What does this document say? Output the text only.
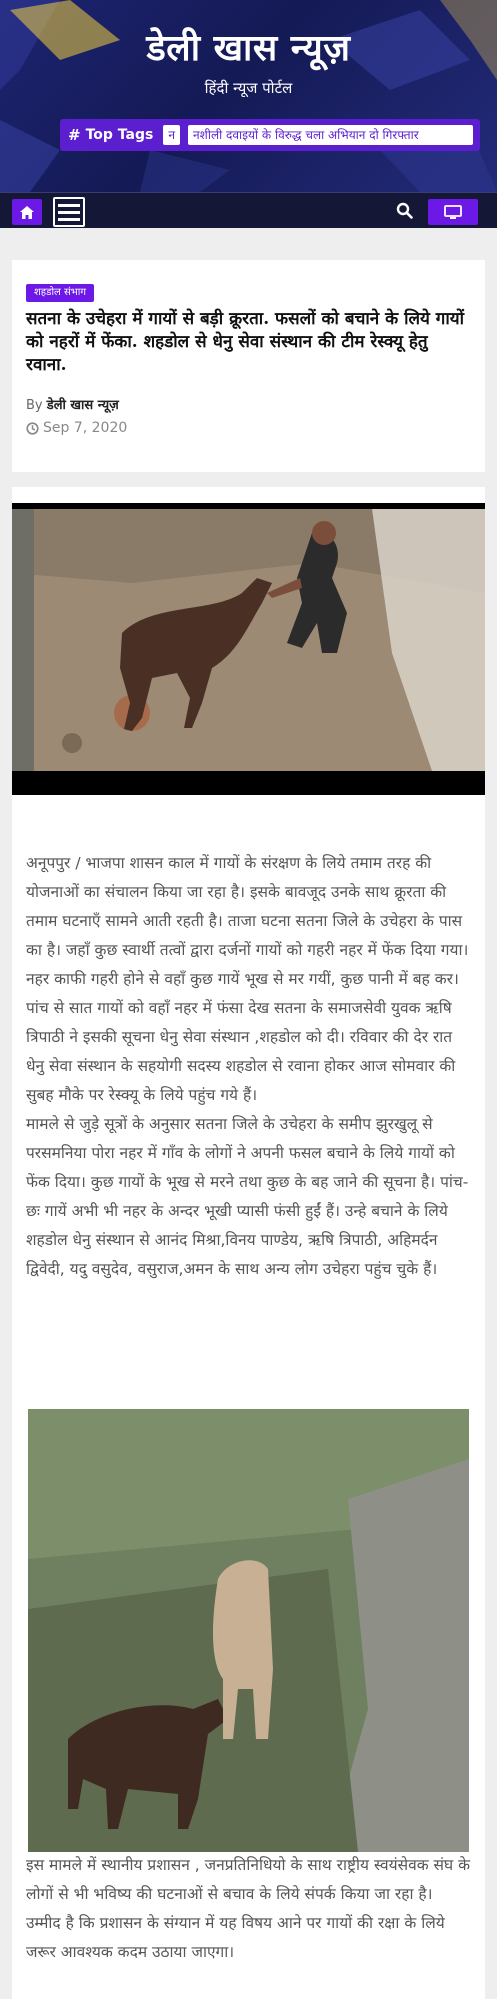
डेली खास न्यूज़
हिंदी न्यूज पोर्टल
# Top Tags	न	नशीली दवाइयों के विरुद्ध चला अभियान दो गिरफ्तार
शहडोल संभाग
सतना के उचेहरा में गायों से बड़ी क्रूरता. फसलों को बचाने के लिये गायों को नहरों में फेंका. शहडोल से धेनु सेवा संस्थान की टीम रेस्क्यू हेतु रवाना.
By डेली खास न्यूज़
Sep 7, 2020

अनूपपुर / भाजपा शासन काल में गायों के संरक्षण के लिये तमाम तरह की योजनाओं का संचालन किया जा रहा है। इसके बावजूद उनके साथ क्रूरता की तमाम घटनाएँ सामने आती रहती है। ताजा घटना सतना जिले के उचेहरा के पास का है। जहाँ कुछ स्वार्थी तत्वों द्वारा दर्जनों गायों को गहरी नहर में फेंक दिया गया। नहर काफी गहरी होने से वहाँ कुछ गायें भूख से मर गयीं, कुछ पानी में बह कर। पांच से सात गायों को वहाँ नहर में फंसा देख सतना के समाजसेवी युवक ऋषि त्रिपाठी ने इसकी सूचना धेनु सेवा संस्थान ,शहडोल को दी। रविवार की देर रात धेनु सेवा संस्थान के सहयोगी सदस्य शहडोल से रवाना होकर आज सोमवार की सुबह मौके पर रेस्क्यू के लिये पहुंच गये हैं।

मामले से जुड़े सूत्रों के अनुसार सतना जिले के उचेहरा के समीप झुरखुलू से परसमनिया पोरा नहर में गाँव के लोगों ने अपनी फसल बचाने के लिये गायों को फेंक दिया। कुछ गायों के भूख से मरने तथा कुछ के बह जाने की सूचना है। पांच- छः गायें अभी भी नहर के अन्दर भूखी प्यासी फंसी हुईं हैं। उन्हे बचाने के लिये शहडोल धेनु संस्थान से आनंद मिश्रा,विनय पाण्डेय, ऋषि त्रिपाठी, अहिमर्दन द्विवेदी, यदु वसुदेव, वसुराज,अमन के साथ अन्य लोग उचेहरा पहुंच चुके हैं।

इस मामले में स्थानीय प्रशासन , जनप्रतिनिधियो के साथ राष्ट्रीय स्वयंसेवक संघ के लोगों से भी भविष्य की घटनाओं से बचाव के लिये संपर्क किया जा रहा है। उम्मीद है कि प्रशासन के संग्यान में यह विषय आने पर गायों की रक्षा के लिये जरूर आवश्यक कदम उठाया जाएगा।
